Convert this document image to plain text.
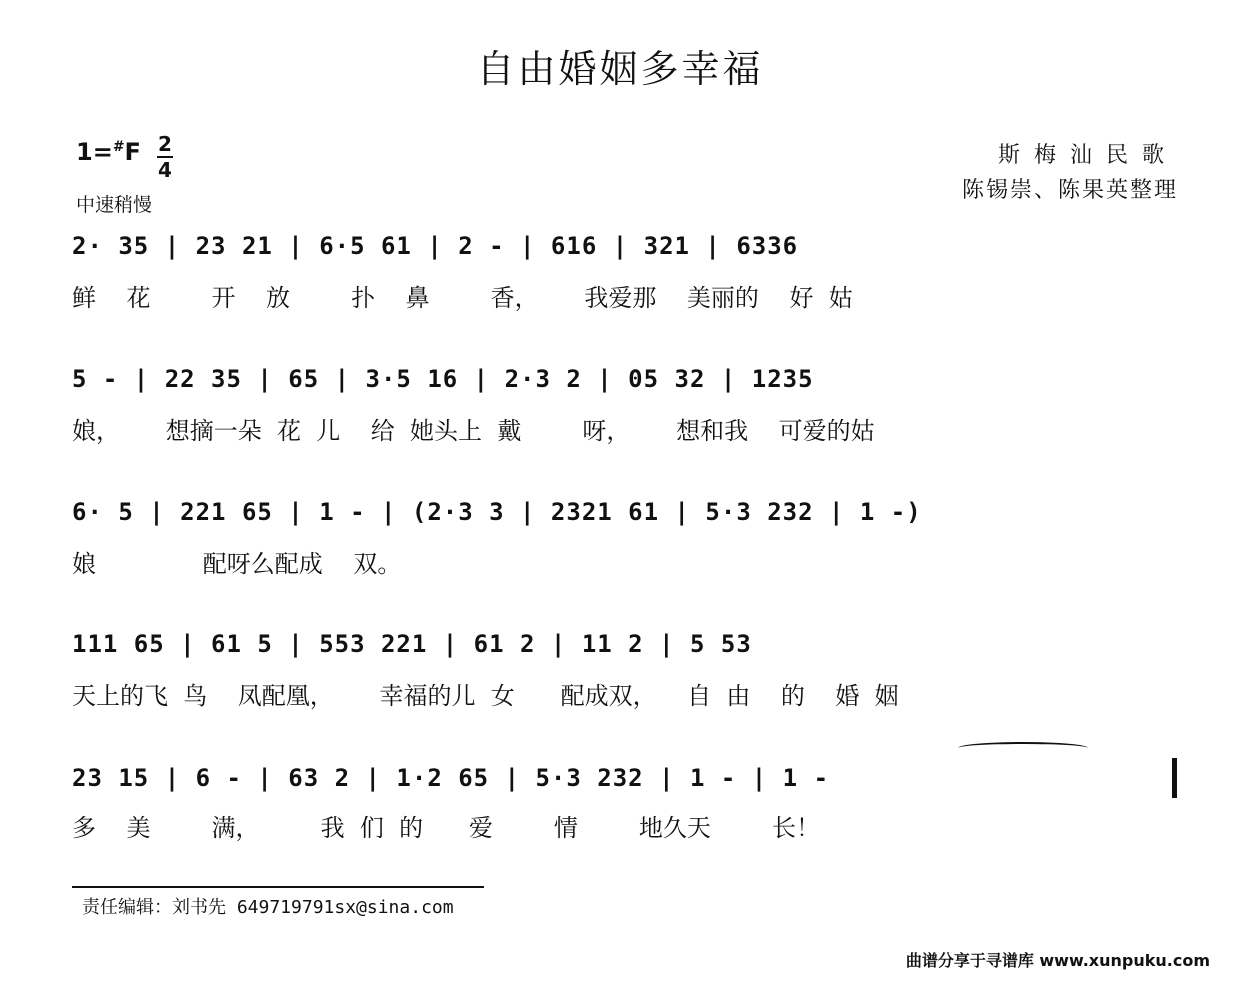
自由婚姻多幸福
1=#F 2
4
中速稍慢
斯梅汕民歌
陈锡崇、陈果英整理

2· 35 | 23 21 | 6·5 61 | 2 - | 616 | 321 | 6336

鲜    花        开    放        扑    鼻        香，      我爱那    美丽的    好  姑

5 - | 22 35 | 65 | 3·5 16 | 2·3 2 | 05 32 | 1235

娘，      想摘一朵  花  儿    给  她头上  戴        呀，      想和我    可爱的姑

6· 5 | 221 65 | 1 - | (2·3 3 | 2321 61 | 5·3 232 | 1 -)

娘              配呀么配成    双。

111 65 | 61 5 | 553 221 | 61 2 | 11 2 | 5 53

天上的飞  鸟    凤配凰，      幸福的儿  女      配成双，    自  由    的    婚  姻

23 15 | 6 - | 63 2 | 1·2 65 | 5·3 232 | 1 - | 1 -

多    美        满，        我  们  的      爱        情        地久天        长！
责任编辑：刘书先 649719791sx@sina.com
曲谱分享于寻谱库 www.xunpuku.com
